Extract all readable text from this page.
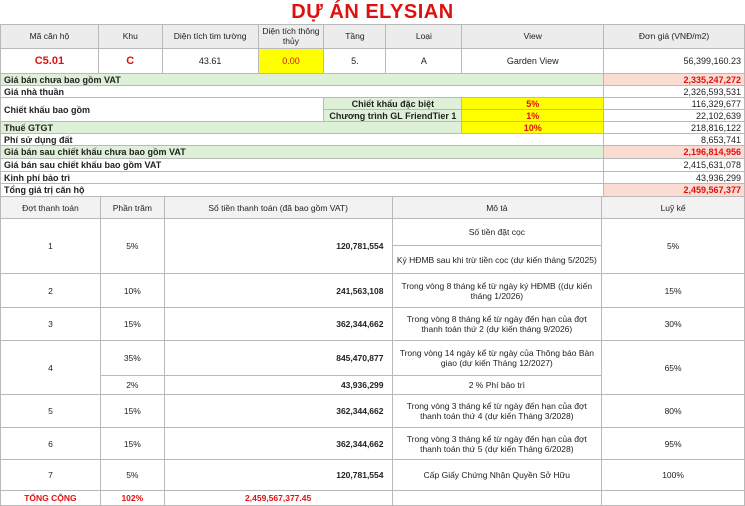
DỰ ÁN ELYSIAN
Mã căn hộ	Khu	Diện tích tim tường	Diện tích thông thủy	Tầng	Loại	View	Đơn giá (VNĐ/m2)
C5.01	C	43.61	0.00	5.	A	Garden View	56,399,160.23
Giá bán chưa bao gồm VAT							2,335,247,272
Giá nhà thuần							2,326,593,531
Chiết khấu bao gồm				Chiết khấu đặc biệt		5%	116,329,677
				Chương trình GL FriendTier 1		1%	22,102,639
Thuế GTGT						10%	218,816,122
Phí sử dụng đất							8,653,741
Giá bán sau chiết khấu chưa bao gồm VAT							2,196,814,956
Giá bán sau chiết khấu bao gồm VAT							2,415,631,078
Kinh phí bảo trì							43,936,299
Tổng giá trị căn hộ							2,459,567,377
Đợt thanh toán	Phần trăm	Số tiền thanh toán (đã bao gồm VAT)	Mô tả	Luỹ kế
1	5%	120,781,554	Số tiền đặt cọc	5%
			Ký HĐMB sau khi trừ tiền cọc (dự kiến tháng 5/2025)	
2	10%	241,563,108	Trong vòng 8 tháng kể từ ngày ký HĐMB ((dự kiến tháng 1/2026)	15%
3	15%	362,344,662	Trong vòng 8 tháng kể từ ngày đến hạn của đợt thanh toán thứ 2 (dự kiến tháng 9/2026)	30%
4	35%	845,470,877	Trong vòng 14 ngày kể từ ngày của Thông báo Bàn giao (dự kiến Tháng 12/2027)	65%
	2%	43,936,299	2 % Phí bảo trì	
5	15%	362,344,662	Trong vòng 3 tháng kể từ ngày đến hạn của đợt thanh toán thứ 4 (dự kiến Tháng 3/2028)	80%
6	15%	362,344,662	Trong vòng 3 tháng kể từ ngày đến hạn của đợt thanh toán thứ 5 (dự kiến Tháng 6/2028)	95%
7	5%	120,781,554	Cấp Giấy Chứng Nhận Quyền Sở Hữu	100%
TỔNG CỘNG	102%	2,459,567,377.45		
